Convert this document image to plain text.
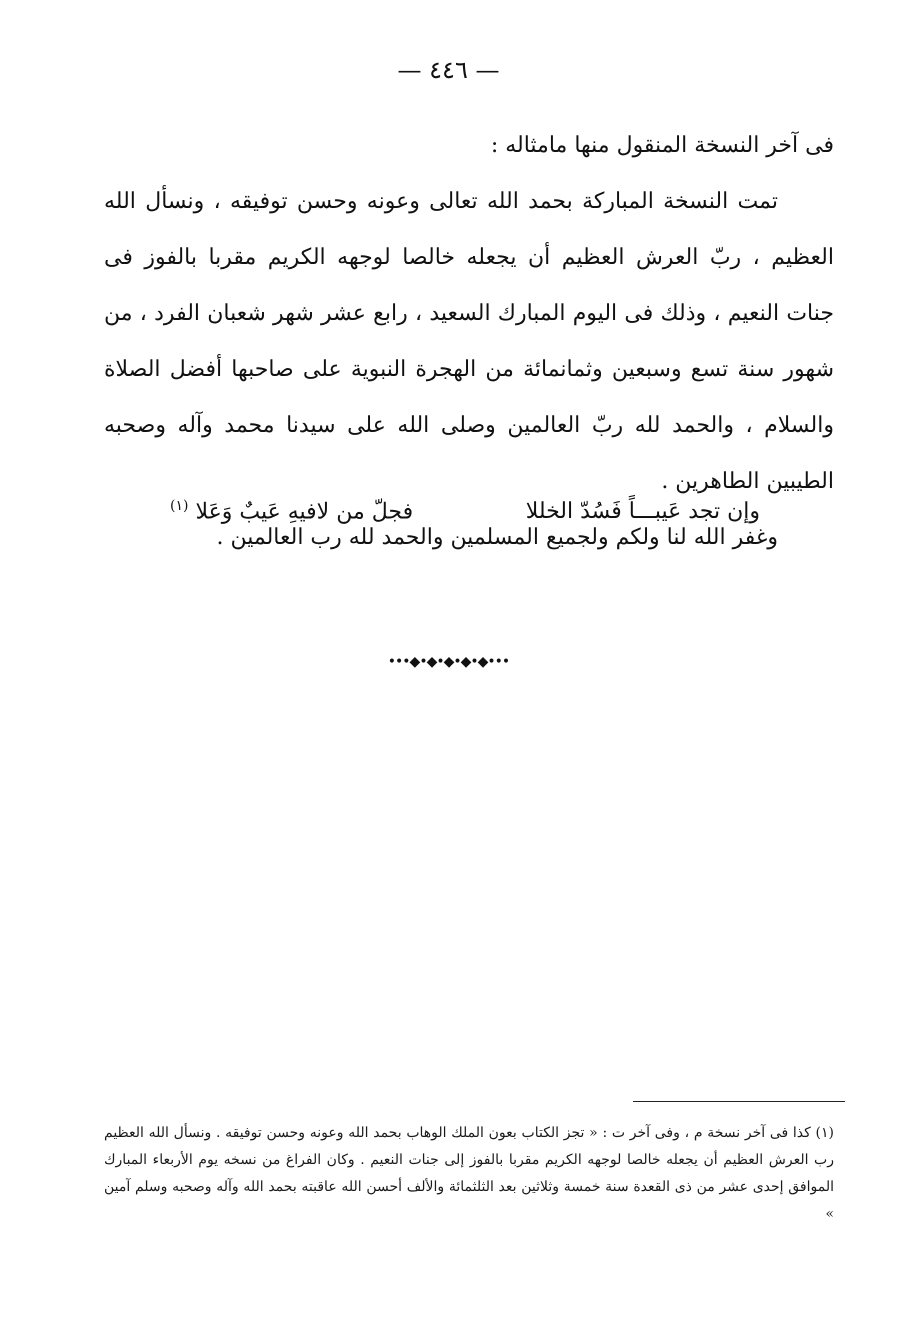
— ٤٤٦ —

فى آخر النسخة المنقول منها مامثاله :

تمت النسخة المباركة بحمد الله تعالى وعونه وحسن توفيقه ، ونسأل الله العظيم ، ربّ العرش العظيم أن يجعله خالصا لوجهه الكريم مقربا بالفوز فى جنات النعيم ، وذلك فى اليوم المبارك السعيد ، رابع عشر شهر شعبان الفرد ، من شهور سنة تسع وسبعين وثمانمائة من الهجرة النبوية على صاحبها أفضل الصلاة والسلام ، والحمد لله ربّ العالمين وصلى الله على سيدنا محمد وآله وصحبه الطيبين الطاهرين .

وغفر الله لنا ولكم ولجميع المسلمين والحمد لله رب العالمين .

وإن تجد عَيبـــاً فَسُدّ الخللا
فجلّ من لافيهِ عَيبٌ وَعَلا $^{(١)}$
•••◆•◆•◆•◆•◆•••
(١) كذا فى آخر نسخة م ، وفى آخر ت : « تجز الكتاب بعون الملك الوهاب بحمد الله وعونه وحسن توفيقه . ونسأل الله العظيم رب العرش العظيم أن يجعله خالصا لوجهه الكريم مقربا بالفوز إلى جنات النعيم . وكان الفراغ من نسخه يوم الأربعاء المبارك الموافق إحدى عشر من ذى القعدة سنة خمسة وثلاثين بعد الثلثمائة والألف أحسن الله عاقبته بحمد الله وآله وصحبه وسلم آمين »
